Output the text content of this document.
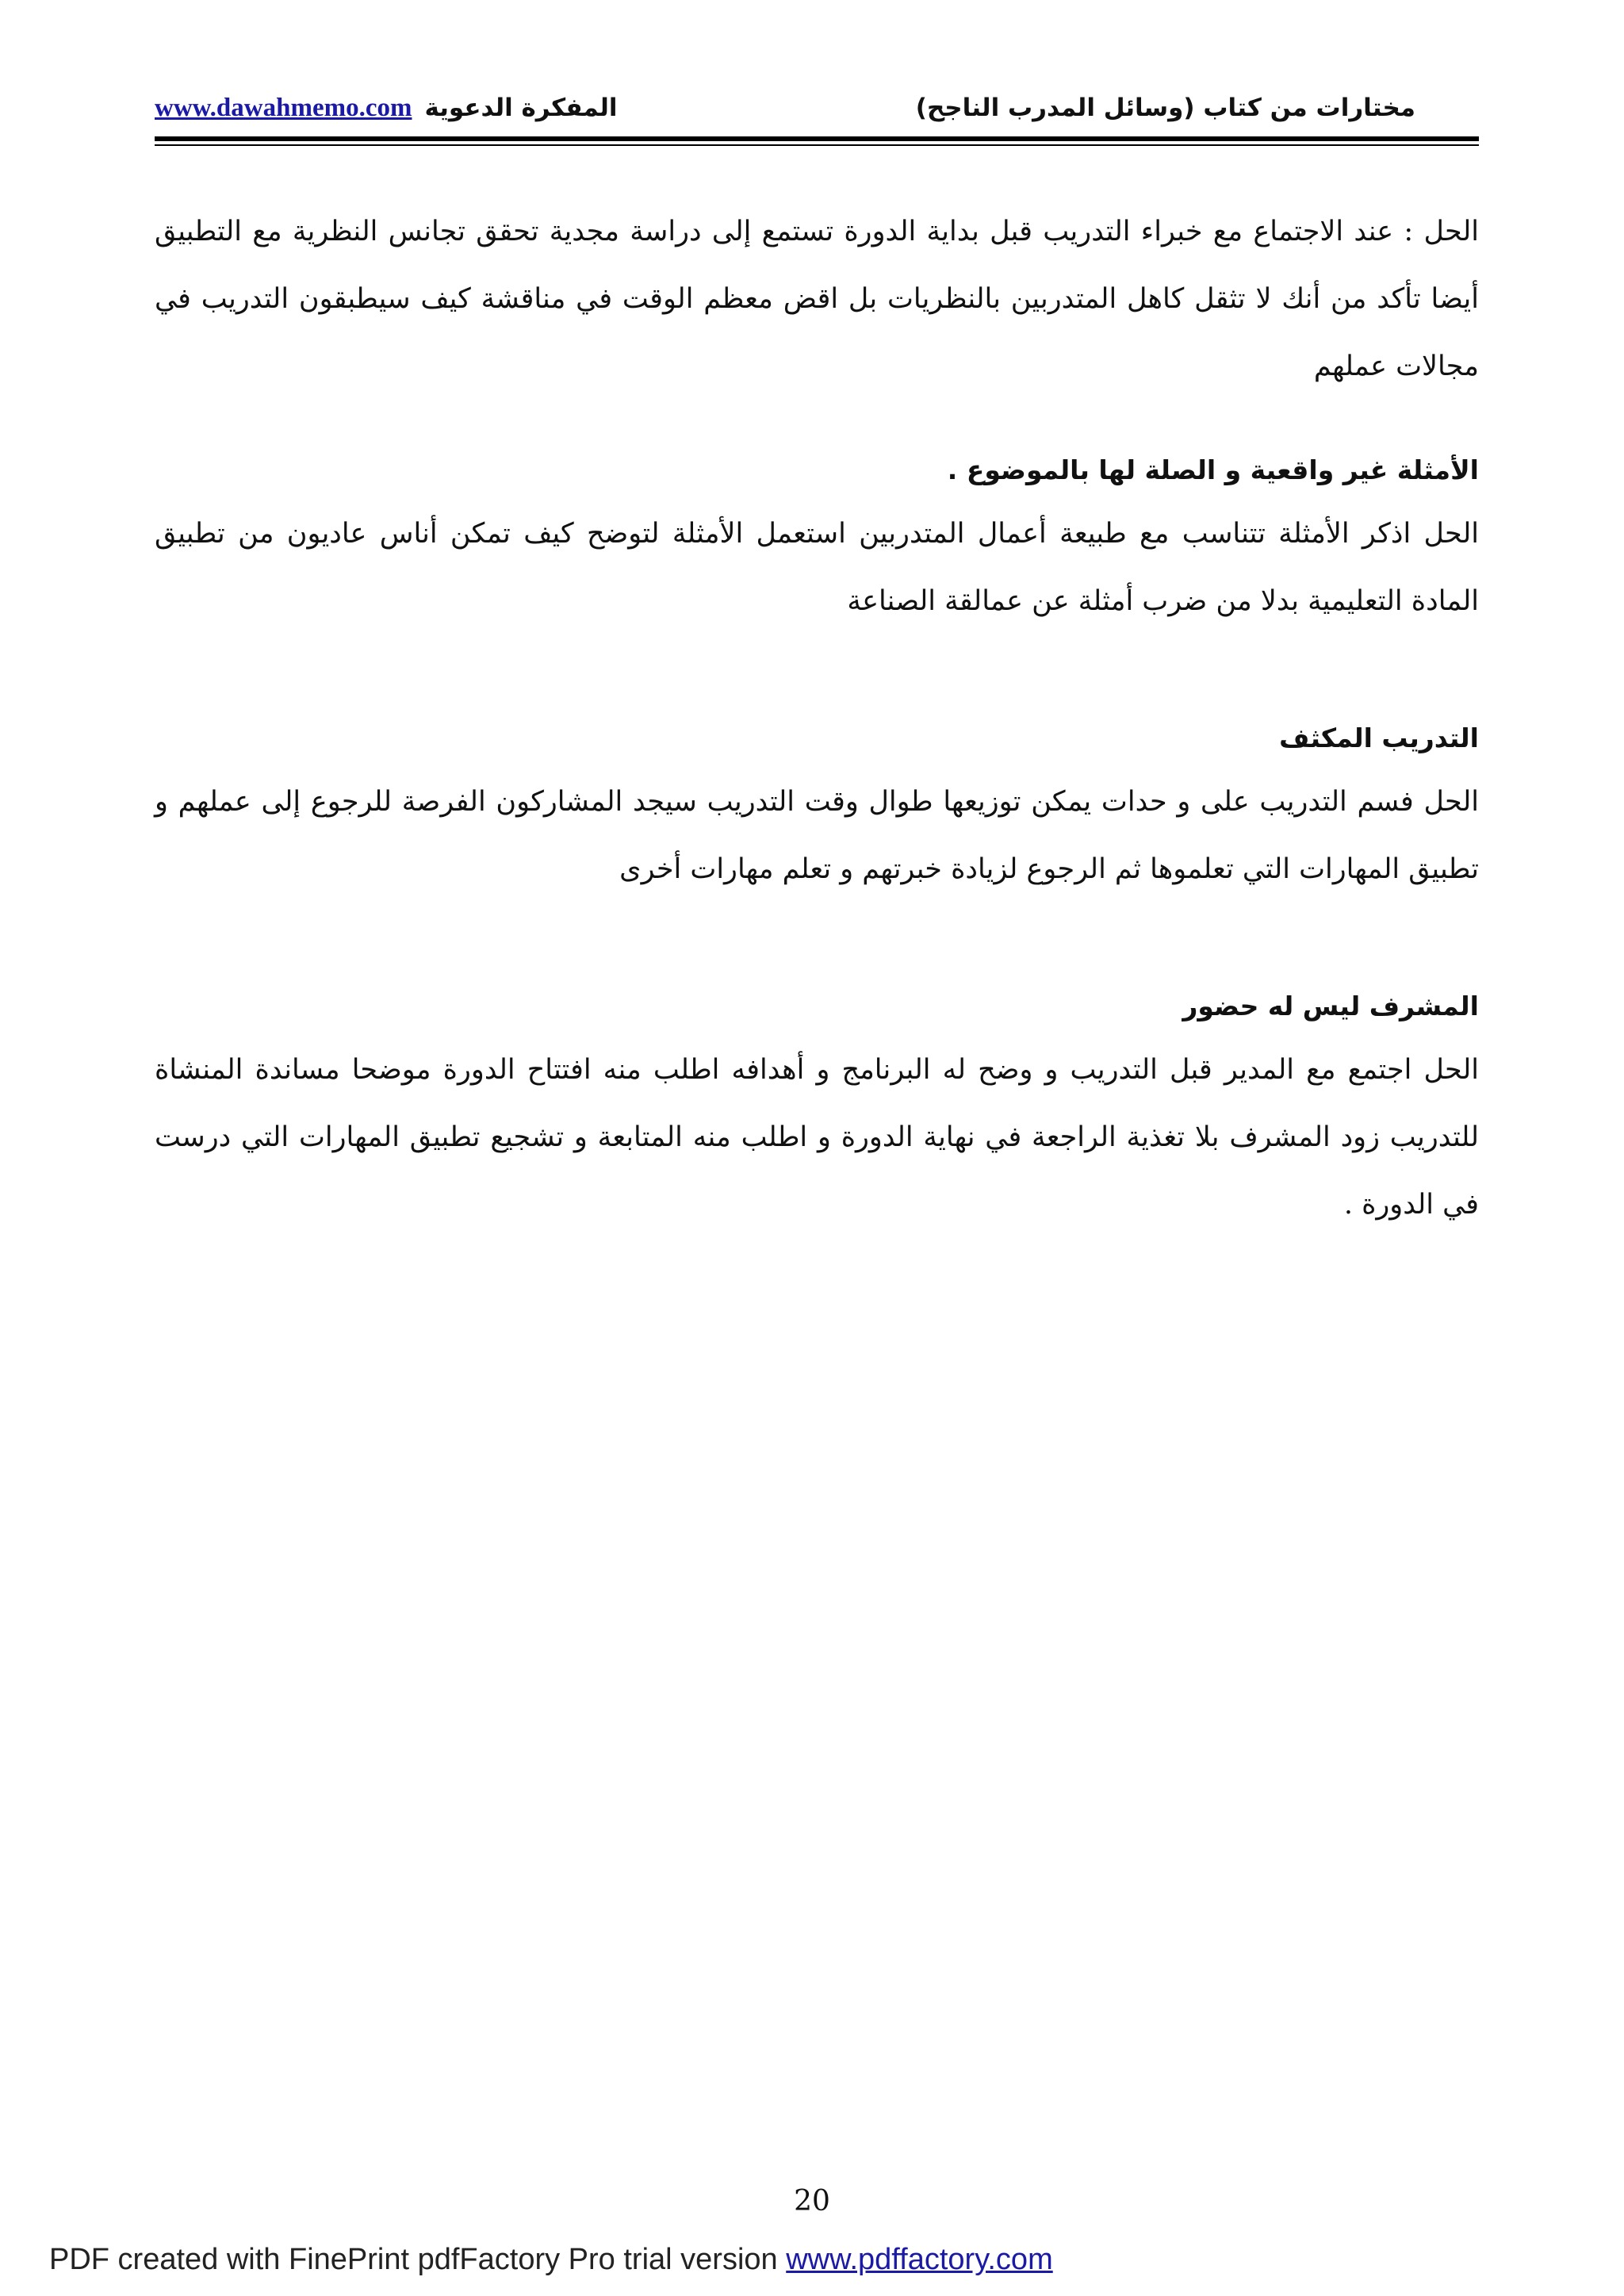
www.dawahmemo.com المفكرة الدعوية	مختارات من كتاب (وسائل المدرب الناجح)

الحل : عند الاجتماع مع خبراء التدريب قبل بداية الدورة تستمع إلى دراسة مجدية تحقق تجانس النظرية مع التطبيق أيضا تأكد من أنك لا تثقل كاهل المتدربين بالنظريات بل اقض معظم الوقت في مناقشة كيف سيطبقون التدريب في مجالات عملهم

الأمثلة غير واقعية و الصلة لها بالموضوع .

الحل اذكر الأمثلة تتناسب مع طبيعة أعمال المتدربين استعمل الأمثلة لتوضح كيف تمكن أناس عاديون من تطبيق المادة التعليمية بدلا من ضرب أمثلة عن عمالقة الصناعة

التدريب المكثف

الحل فسم التدريب على و حدات يمكن توزيعها طوال وقت التدريب سيجد المشاركون الفرصة للرجوع إلى عملهم و تطبيق المهارات التي تعلموها ثم الرجوع لزيادة خبرتهم و تعلم مهارات أخرى

المشرف ليس له حضور

الحل اجتمع مع المدير قبل التدريب و وضح له البرنامج و أهدافه اطلب منه افتتاح الدورة موضحا مساندة المنشاة للتدريب زود المشرف بلا تغذية الراجعة في نهاية الدورة و اطلب منه المتابعة و تشجيع تطبيق المهارات التي درست في الدورة .

20
PDF created with FinePrint pdfFactory Pro trial version www.pdffactory.com
